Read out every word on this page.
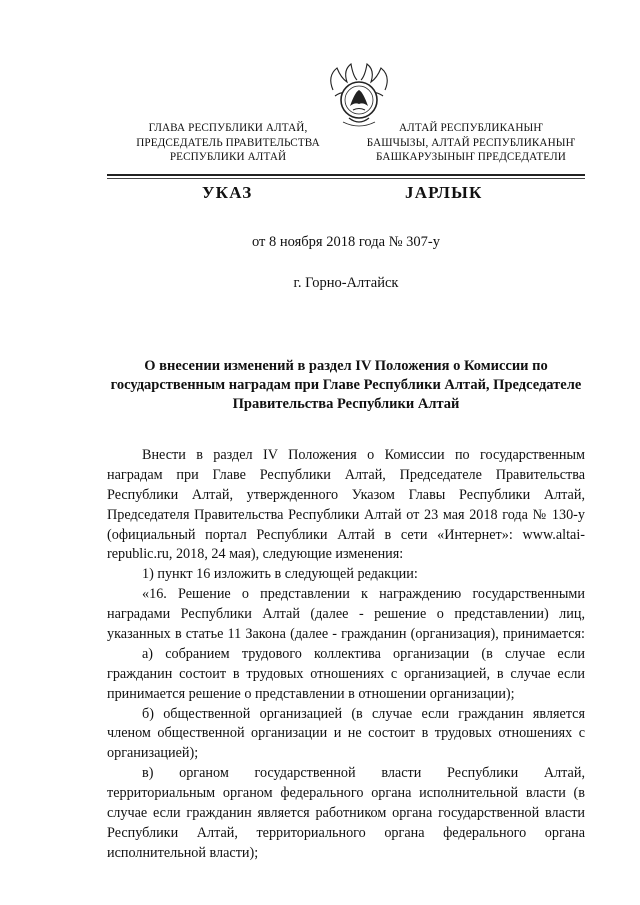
ГЛАВА РЕСПУБЛИКИ АЛТАЙ,
ПРЕДСЕДАТЕЛЬ ПРАВИТЕЛЬСТВА
РЕСПУБЛИКИ АЛТАЙ
АЛТАЙ РЕСПУБЛИКАНЫҤ
БАШЧЫЗЫ, АЛТАЙ РЕСПУБЛИКАНЫҤ
БАШКАРУЗЫНЫҤ ПРЕДСЕДАТЕЛИ
УКАЗ	ЈАРЛЫК
от 8 ноября 2018 года № 307-у
г. Горно-Алтайск
О внесении изменений в раздел IV Положения о Комиссии по
государственным наградам при Главе Республики Алтай, Председателе
Правительства Республики Алтай
Внести в раздел IV Положения о Комиссии по государственным
наградам при Главе Республики Алтай, Председателе Правительства
Республики Алтай, утвержденного Указом Главы Республики Алтай,
Председателя Правительства Республики Алтай от 23 мая 2018 года № 130-у
(официальный портал Республики Алтай в сети «Интернет»: www.altai-
republic.ru, 2018, 24 мая), следующие изменения:
1) пункт 16 изложить в следующей редакции:
«16. Решение о представлении к награждению государственными
наградами Республики Алтай (далее - решение о представлении) лиц,
указанных в статье 11 Закона (далее - гражданин (организация), принимается:
а) собранием трудового коллектива организации (в случае если
гражданин состоит в трудовых отношениях с организацией, в случае если
принимается решение о представлении в отношении организации);
б) общественной организацией (в случае если гражданин является
членом общественной организации и не состоит в трудовых отношениях с
организацией);
в) органом государственной власти Республики Алтай,
территориальным органом федерального органа исполнительной власти (в
случае если гражданин является работником органа государственной власти
Республики Алтай, территориального органа федерального органа
исполнительной власти);
